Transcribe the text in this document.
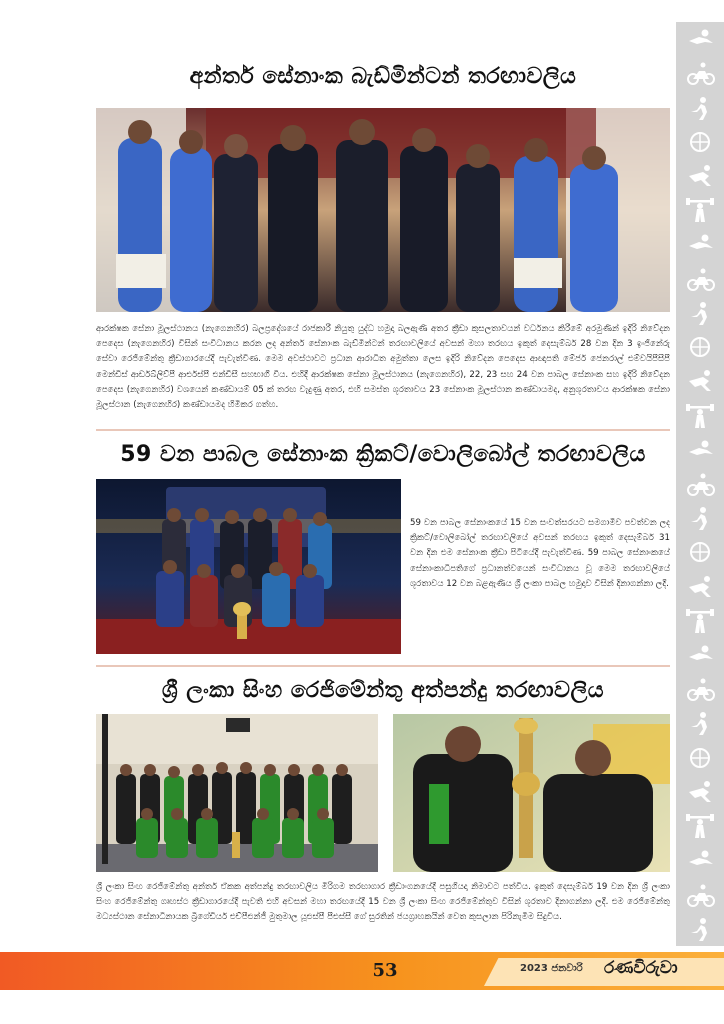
අන්තර් සේනාංක බැඩ්මින්ටන් තරඟාවලිය
ආරක්ෂක සේනා මූලස්ථානය (නැගෙනහිර) බලප්‍රදේශයේ රාජකාරී නියුතු යුද්ධ හමුදා බලඇණි අතර ක්‍රීඩා කුසලතාවයන් වර්ධනය කිරීමේ අරමුණින් ඉදිරි නිවේදන පෙදෙස (නැගෙනහිර) විසින් සංවිධානය කරන ලද අන්තර් සේනාංක බැඩ්මින්ටන් තරඟාවලියේ අවසන් මහා තරඟය ඉකුත් දෙසැම්බර් 28 වන දින 3 ඉංජිනේරු සේවා රෙජිමේන්තු ක්‍රීඩාගාරයේදී පැවැත්විණ. මෙම අවස්ථාවට ප්‍රධාන ආරාධිත අමුත්තා ලෙස ඉදිරි නිවේදන පෙදෙස ආඥාපති මේජර් ජෙනරාල් එම්වයිපීසීපී මෙන්ඩිස් ආර්ඩබ්ලිව්පී ආර්එස්පී එන්ඩීසී සහභාගී විය. එහිදී ආරක්ෂක සේනා මූලස්ථානය (නැගෙනහිර), 22, 23 සහ 24 වන පාබල සේනාංක සහ ඉදිරි නිවේදන පෙදෙස (නැගෙනහිර) වශයෙන් කණ්ඩායම් 05 ක් තරඟ වැදුණු අතර, එහි සමස්ත ශූරතාවය 23 සේනාංක මූලස්ථාන කණ්ඩායමද, අනුශූරතාවය ආරක්ෂක සේනා මූලස්ථාන (නැගෙනහිර) කණ්ඩායමද හිමිකර ගත්හ.
59 වන පාබල සේනාංක ක්‍රිකට්/වොලිබෝල් තරඟාවලිය
59 වන පාබල සේනාංකයේ 15 වන සංවත්සරයට සමගාමීව පවත්වන ලද ක්‍රිකට්/වොලිබෝල් තරඟාවලියේ අවසන් තරඟය ඉකුත් දෙසැම්බර් 31 වන දින එම සේනාංක ක්‍රීඩා පිටියේදී පැවැත්විණ. 59 පාබල සේනාංකයේ සේනාංකාධිපතිගේ ප්‍රධානත්වයෙන් සංවිධානය වූ මෙම තරඟාවලියේ ශූරතාවය 12 වන බළඇණිය ශ්‍රී ලංකා පාබල හමුදාව විසින් දිනාගන්නා ලදී.
ශ්‍රී ලංකා සිංහ රෙජිමේන්තු අත්පන්දු තරඟාවලිය
ශ්‍රී ලංකා සිංහ රෙජිමේන්තු අන්තර් ඒකක අත්පන්දු තරඟාවලිය මිරිගම තරඟාගාර ක්‍රීඩාංගනයේදී පසුගියදා නිමාවට පත්විය. ඉකුත් දෙසැම්බර් 19 වන දින ශ්‍රී ලංකා සිංහ රෙජිමේන්තු ගෘහස්ථ ක්‍රීඩාගාරයේදී පැවති එහි අවසන් මහා තරඟයේදී 15 වන ශ්‍රී ලංකා සිංහ රෙජිමේන්තුව විසින් ශූරතාව දිනාගන්නා ලදී. එම රෙජිමේන්තු මධ්‍යස්ථාන සේනාධිනායක බ්‍රිගේඩියර් එච්පීඑන්ජී මුතුමාල යූඑස්පී පීඑස්සී ගේ සුරතින් ජයග්‍රාහකයින් වෙත කුසලාන පිරිනැමීම සිදුවිය.
53	2023 ජනවාරි රණවිරුවා
